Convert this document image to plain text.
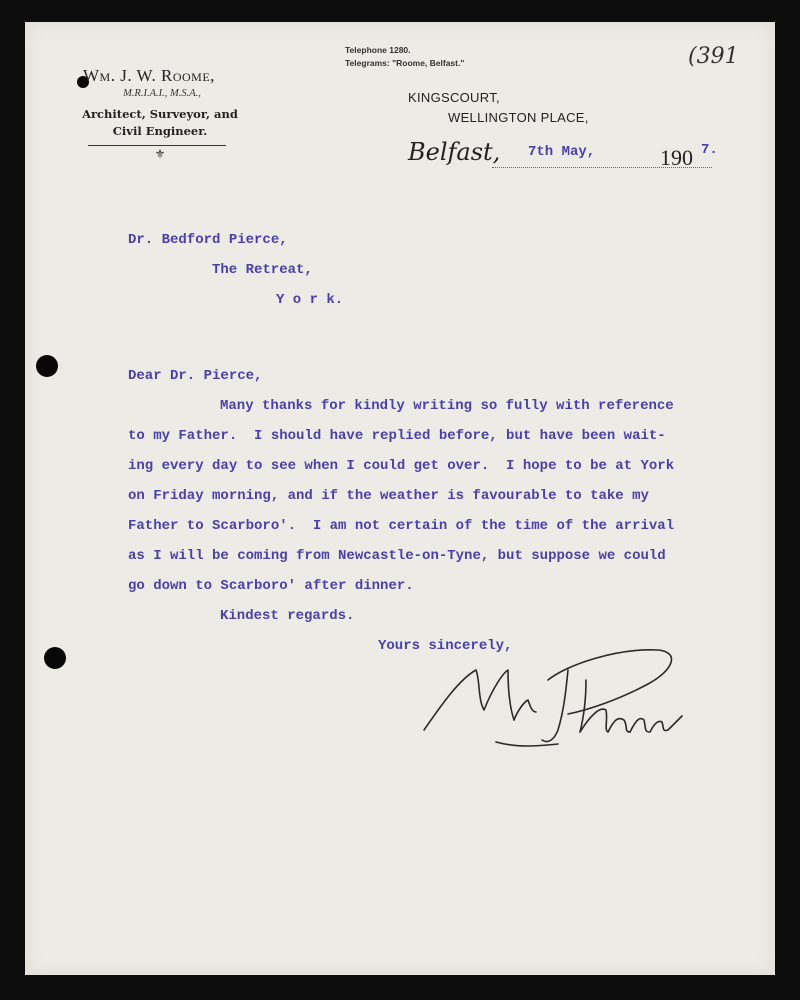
Wm. J. W. Roome,
M.R.I.A.I., M.S.A.,
Architect, Surveyor, and
Civil Engineer.
⚜
Telephone 1280.
Telegrams: "Roome, Belfast."
KINGSCOURT,
WELLINGTON PLACE,
(391
Belfast, 7th May,	190 7.
Dr. Bedford Pierce,
The Retreat,
Y o r k.
Dear Dr. Pierce,
Many thanks for kindly writing so fully with reference
to my Father.  I should have replied before, but have been wait-
ing every day to see when I could get over.  I hope to be at York
on Friday morning, and if the weather is favourable to take my
Father to Scarboro'.  I am not certain of the time of the arrival
as I will be coming from Newcastle-on-Tyne, but suppose we could
go down to Scarboro' after dinner.
Kindest regards.
Yours sincerely,
